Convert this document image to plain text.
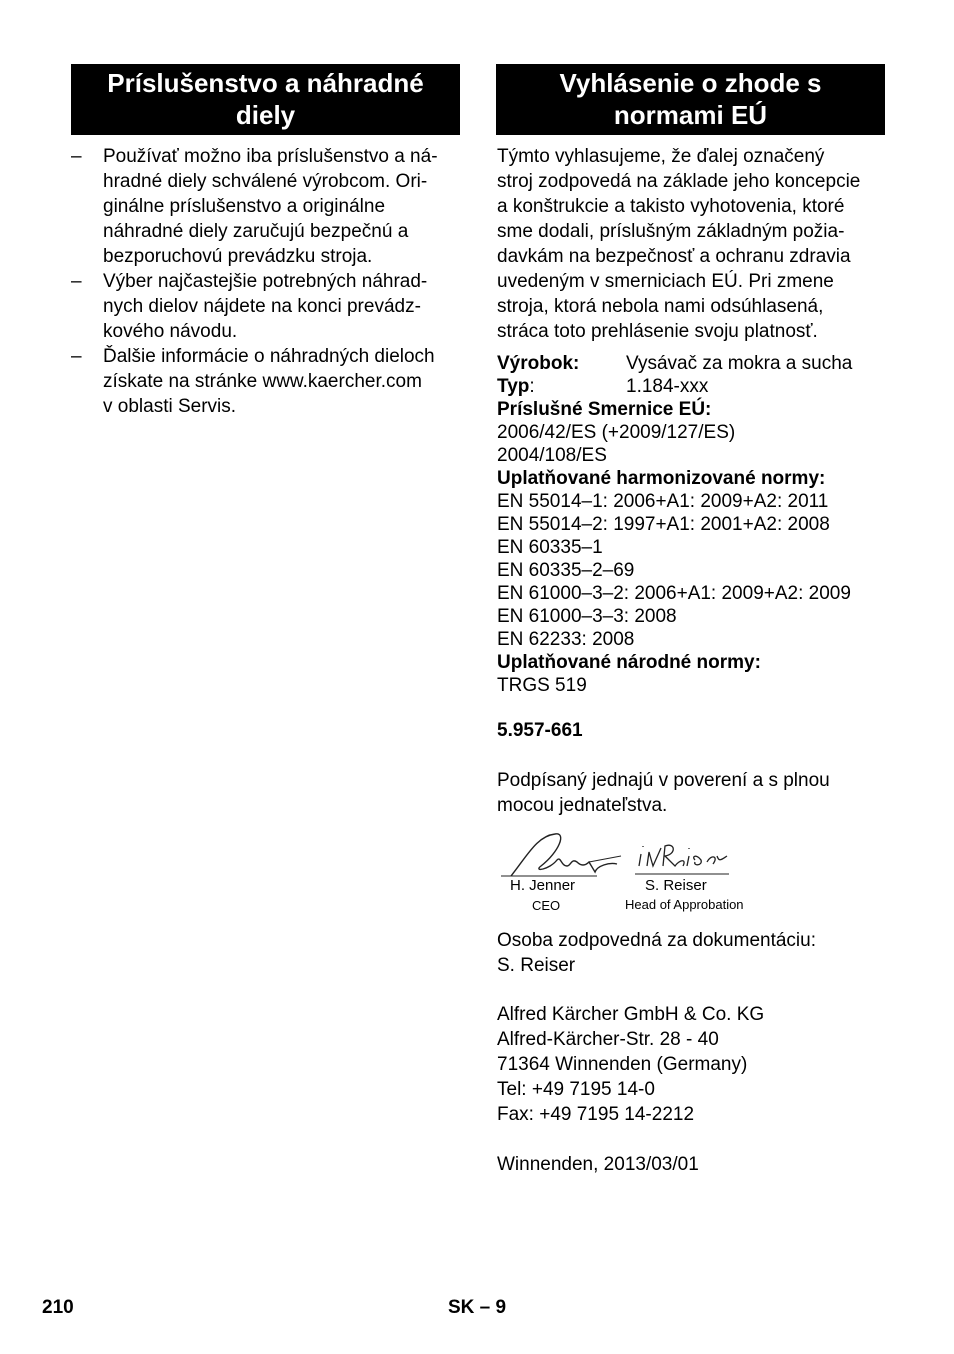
Príslušenstvo a náhradné
diely
– Používať možno iba príslušenstvo a ná-
hradné diely schválené výrobcom. Ori-
ginálne príslušenstvo a originálne
náhradné diely zaručujú bezpečnú a
bezporuchovú prevádzku stroja.
– Výber najčastejšie potrebných náhrad-
nych dielov nájdete na konci prevádz-
kového návodu.
– Ďalšie informácie o náhradných dieloch
získate na stránke www.kaercher.com
v oblasti Servis.
Vyhlásenie o zhode s
normami EÚ
Týmto vyhlasujeme, že ďalej označený
stroj zodpovedá na základe jeho koncepcie
a konštrukcie a takisto vyhotovenia, ktoré
sme dodali, príslušným základným požia-
davkám na bezpečnosť a ochranu zdravia
uvedeným v smerniciach EÚ. Pri zmene
stroja, ktorá nebola nami odsúhlasená,
stráca toto prehlásenie svoju platnosť.
Výrobok:	Vysávač za mokra a sucha
Typ:	1.184-xxx
Príslušné Smernice EÚ:
2006/42/ES (+2009/127/ES)
2004/108/ES
Uplatňované harmonizované normy:
EN 55014–1: 2006+A1: 2009+A2: 2011
EN 55014–2: 1997+A1: 2001+A2: 2008
EN 60335–1
EN 60335–2–69
EN 61000–3–2: 2006+A1: 2009+A2: 2009
EN 61000–3–3: 2008
EN 62233: 2008
Uplatňované národné normy:
TRGS 519
5.957-661
Podpísaný jednajú v poverení a s plnou
mocou jednateľstva.
H. Jenner
CEO
S. Reiser
Head of Approbation
Osoba zodpovedná za dokumentáciu:
S. Reiser
Alfred Kärcher GmbH & Co. KG
Alfred-Kärcher-Str. 28 - 40
71364 Winnenden (Germany)
Tel: +49 7195 14-0
Fax: +49 7195 14-2212
Winnenden, 2013/03/01
210	SK – 9
